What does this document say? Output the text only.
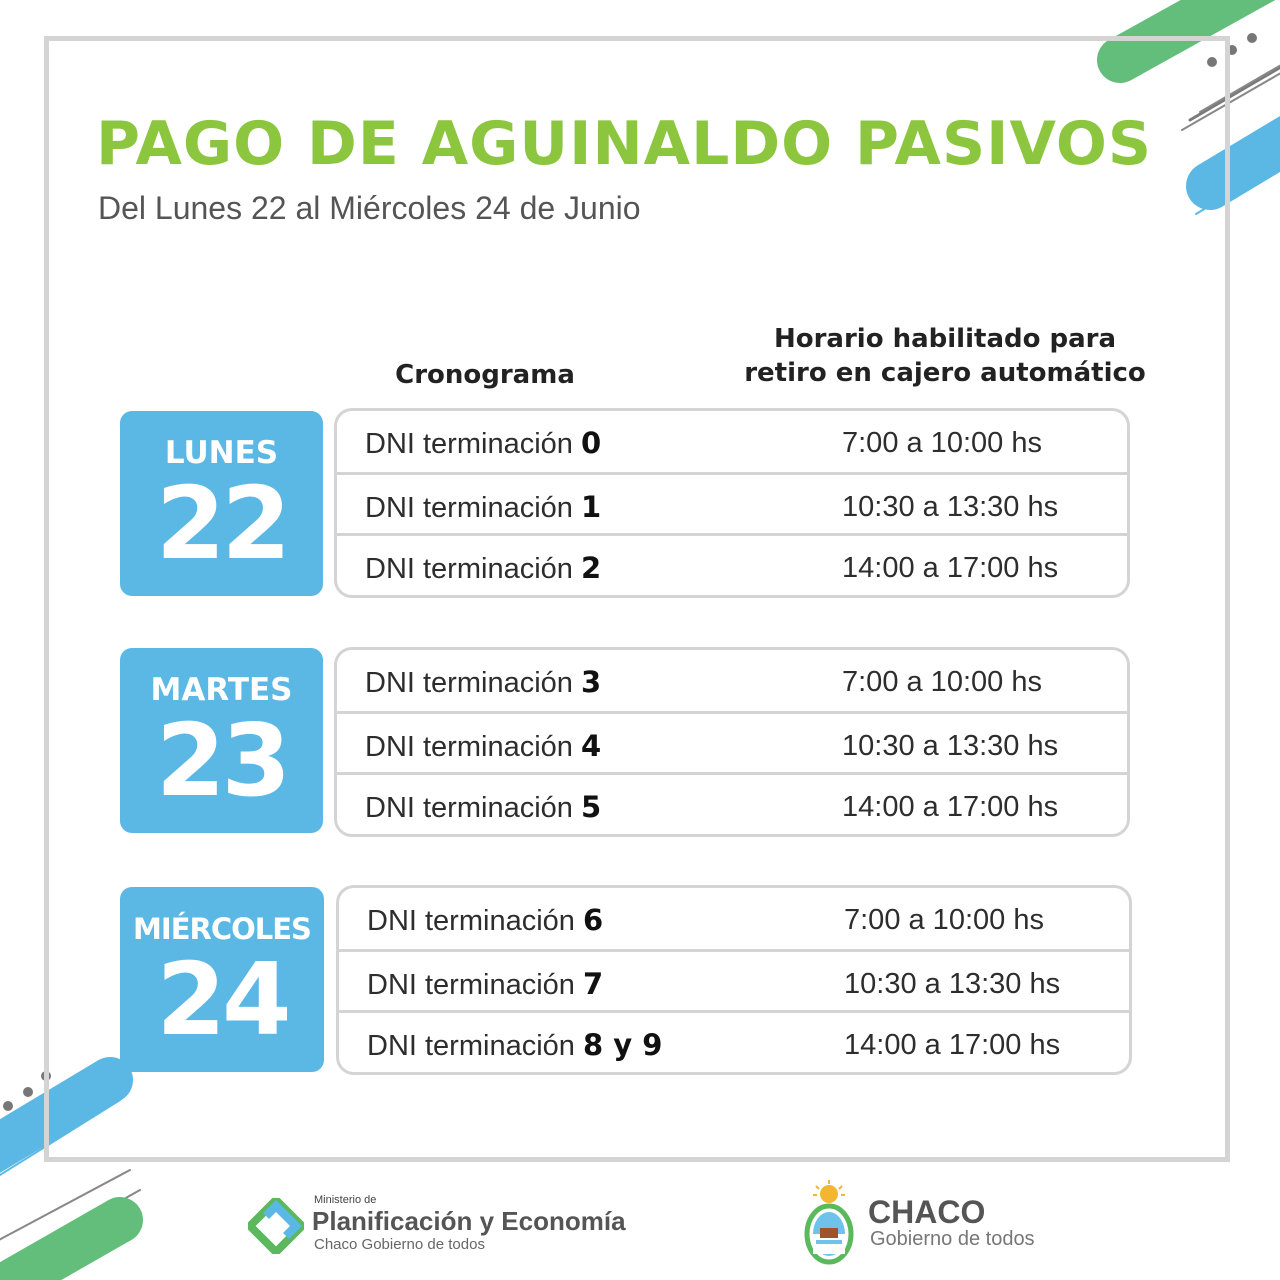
PAGO DE AGUINALDO PASIVOS

Del Lunes 22 al Miércoles 24 de Junio

Cronograma
Horario habilitado para
retiro en cajero automático
LUNES
22
DNI terminación 0	7:00 a 10:00 hs
DNI terminación 1	10:30 a 13:30 hs
DNI terminación 2	14:00 a 17:00 hs
MARTES
23
DNI terminación 3	7:00 a 10:00 hs
DNI terminación 4	10:30 a 13:30 hs
DNI terminación 5	14:00 a 17:00 hs
MIÉRCOLES
24
DNI terminación 6	7:00 a 10:00 hs
DNI terminación 7	10:30 a 13:30 hs
DNI terminación 8 y 9	14:00 a 17:00 hs
Ministerio de
Planificación y Economía
Chaco Gobierno de todos
CHACO
Gobierno de todos
